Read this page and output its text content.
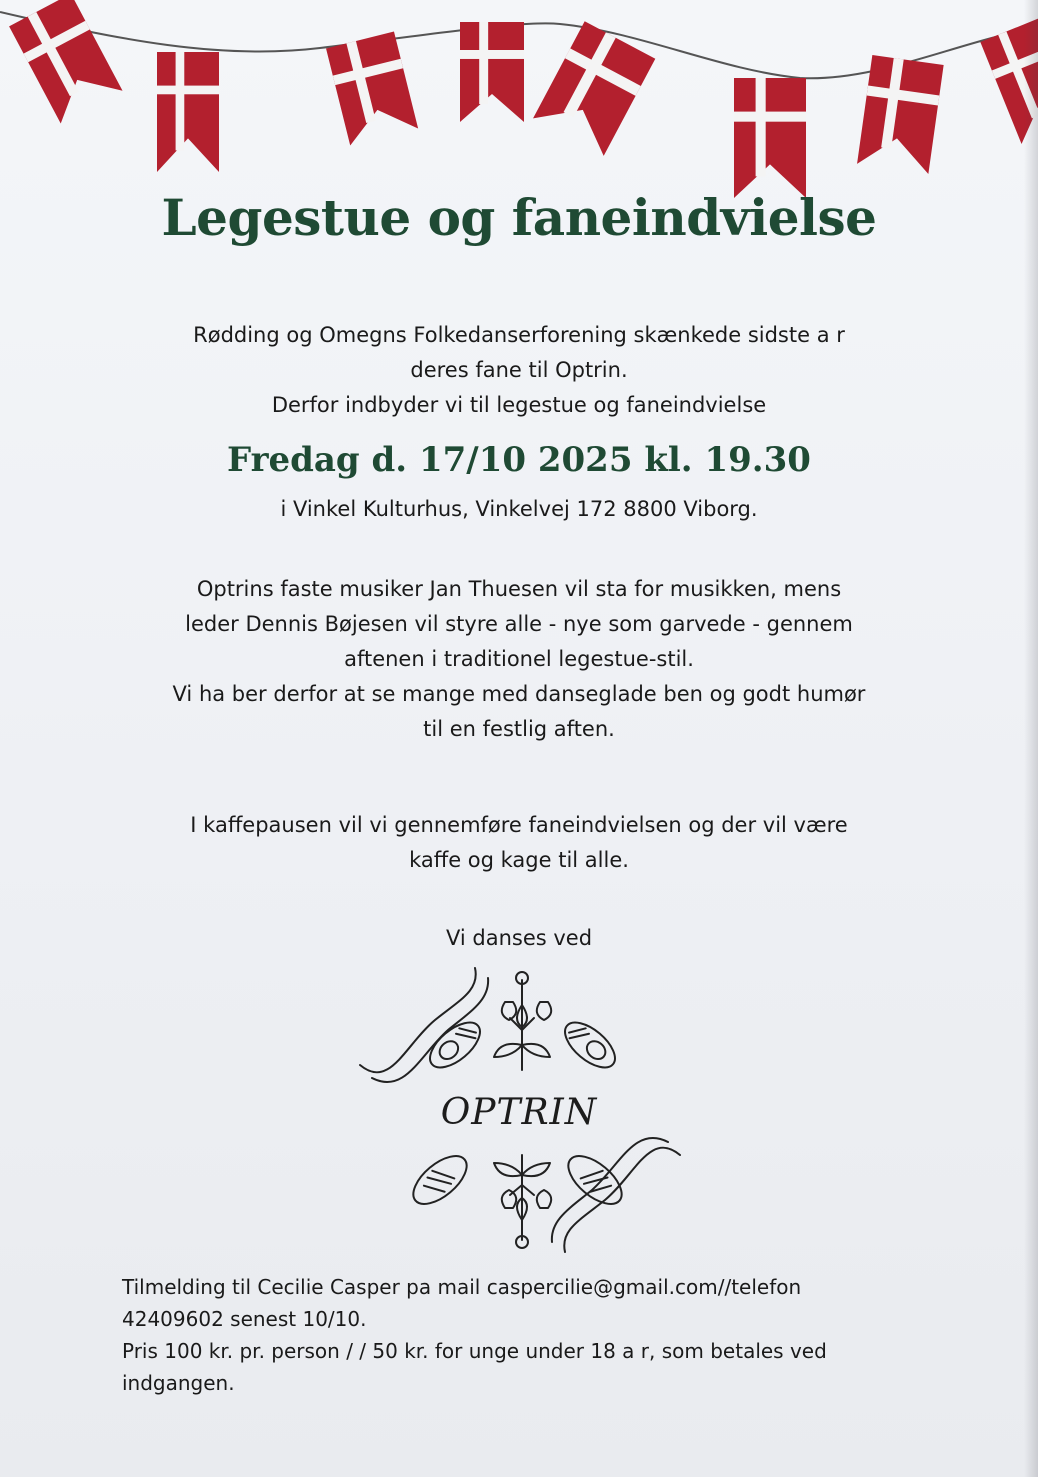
Legestue og faneindvielse
Rødding og Omegns Folkedanserforening skænkede sidste a r
deres fane til Optrin.
Derfor indbyder vi til legestue og faneindvielse
Fredag d. 17/10 2025 kl. 19.30
i Vinkel Kulturhus, Vinkelvej 172 8800 Viborg.
Optrins faste musiker Jan Thuesen vil sta for musikken, mens
leder Dennis Bøjesen vil styre alle - nye som garvede - gennem
aftenen i traditionel legestue-stil.
Vi ha ber derfor at se mange med danseglade ben og godt humør
til en festlig aften.
I kaffepausen vil vi gennemføre faneindvielsen og der vil være
kaffe og kage til alle.
Vi danses ved
OPTRIN
Tilmelding til Cecilie Casper pa mail caspercilie@gmail.com//telefon
42409602 senest 10/10.
Pris 100 kr. pr. person / / 50 kr. for unge under 18 a r, som betales ved
indgangen.
